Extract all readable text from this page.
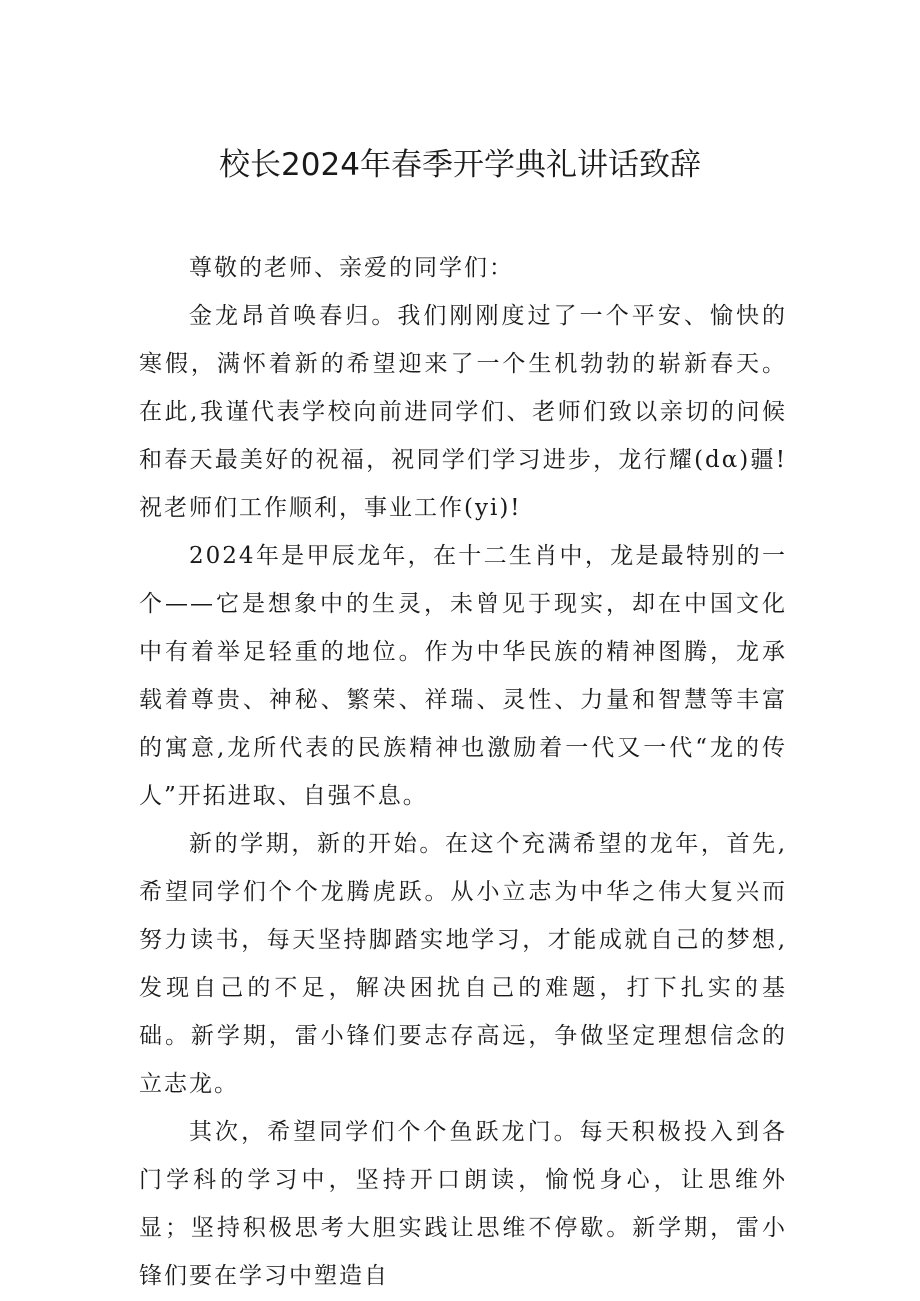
校长2024年春季开学典礼讲话致辞

尊敬的老师、亲爱的同学们：

金龙昂首唤春归。我们刚刚度过了一个平安、愉快的寒假，满怀着新的希望迎来了一个生机勃勃的崭新春天。在此,我谨代表学校向前进同学们、老师们致以亲切的问候和春天最美好的祝福，祝同学们学习进步，龙行耀(dα)疆!祝老师们工作顺利，事业工作(yi)!

2024年是甲辰龙年，在十二生肖中，龙是最特别的一个——它是想象中的生灵，未曾见于现实，却在中国文化中有着举足轻重的地位。作为中华民族的精神图腾，龙承载着尊贵、神秘、繁荣、祥瑞、灵性、力量和智慧等丰富的寓意,龙所代表的民族精神也激励着一代又一代“龙的传人”开拓进取、自强不息。

新的学期，新的开始。在这个充满希望的龙年，首先,希望同学们个个龙腾虎跃。从小立志为中华之伟大复兴而努力读书，每天坚持脚踏实地学习，才能成就自己的梦想,发现自己的不足，解决困扰自己的难题，打下扎实的基础。新学期，雷小锋们要志存高远，争做坚定理想信念的立志龙。

其次，希望同学们个个鱼跃龙门。每天积极投入到各门学科的学习中，坚持开口朗读，愉悦身心，让思维外显；坚持积极思考大胆实践让思维不停歇。新学期，雷小锋们要在学习中塑造自
